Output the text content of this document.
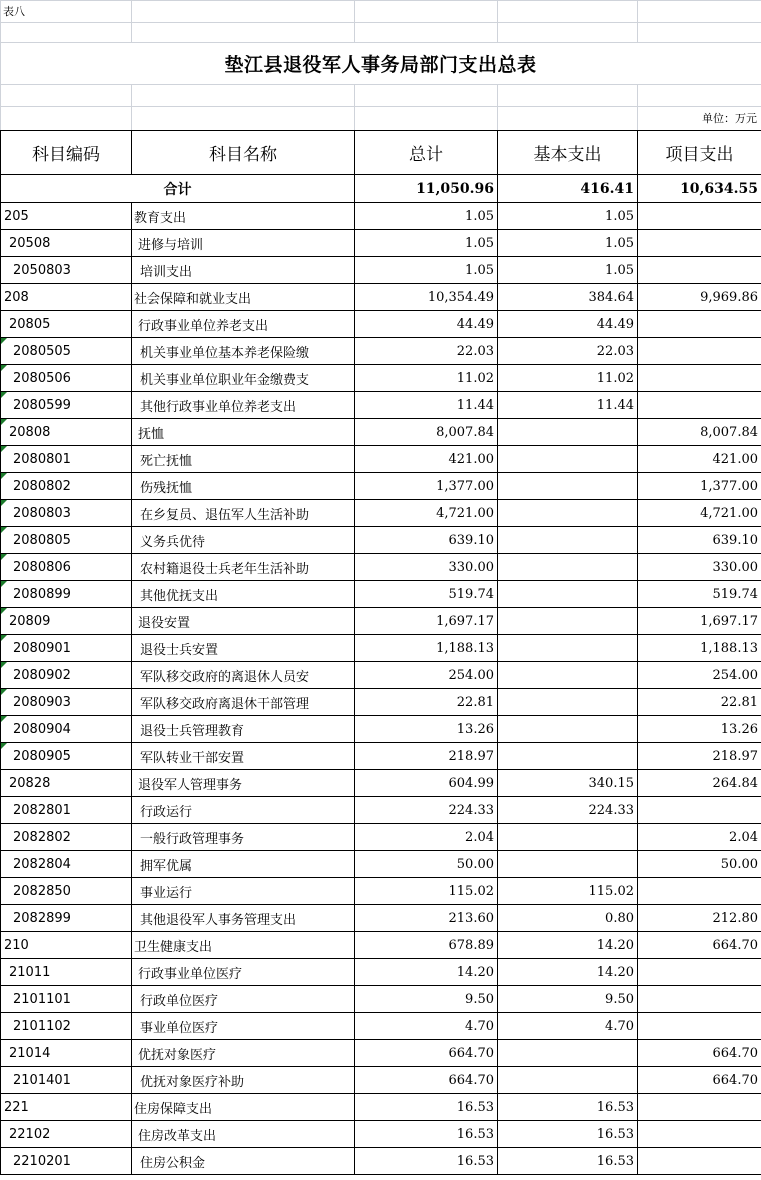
表八
垫江县退役军人事务局部门支出总表
单位：万元
科目编码	科目名称	总计	基本支出	项目支出
合计		11,050.96	416.41	10,634.55
205	教育支出	1.05	1.05	
20508	进修与培训	1.05	1.05	
2050803	培训支出	1.05	1.05	
208	社会保障和就业支出	10,354.49	384.64	9,969.86
20805	行政事业单位养老支出	44.49	44.49	

2080505	机关事业单位基本养老保险缴	22.03	22.03	

2080506	机关事业单位职业年金缴费支	11.02	11.02	

2080599	其他行政事业单位养老支出	11.44	11.44	

20808	抚恤	8,007.84		8,007.84

2080801	死亡抚恤	421.00		421.00

2080802	伤残抚恤	1,377.00		1,377.00

2080803	在乡复员、退伍军人生活补助	4,721.00		4,721.00

2080805	义务兵优待	639.10		639.10

2080806	农村籍退役士兵老年生活补助	330.00		330.00

2080899	其他优抚支出	519.74		519.74

20809	退役安置	1,697.17		1,697.17

2080901	退役士兵安置	1,188.13		1,188.13

2080902	军队移交政府的离退休人员安	254.00		254.00

2080903	军队移交政府离退休干部管理	22.81		22.81

2080904	退役士兵管理教育	13.26		13.26

2080905	军队转业干部安置	218.97		218.97
20828	退役军人管理事务	604.99	340.15	264.84
2082801	行政运行	224.33	224.33	
2082802	一般行政管理事务	2.04		2.04
2082804	拥军优属	50.00		50.00
2082850	事业运行	115.02	115.02	
2082899	其他退役军人事务管理支出	213.60	0.80	212.80
210	卫生健康支出	678.89	14.20	664.70
21011	行政事业单位医疗	14.20	14.20	
2101101	行政单位医疗	9.50	9.50	
2101102	事业单位医疗	4.70	4.70	
21014	优抚对象医疗	664.70		664.70
2101401	优抚对象医疗补助	664.70		664.70
221	住房保障支出	16.53	16.53	
22102	住房改革支出	16.53	16.53	
2210201	住房公积金	16.53	16.53	
